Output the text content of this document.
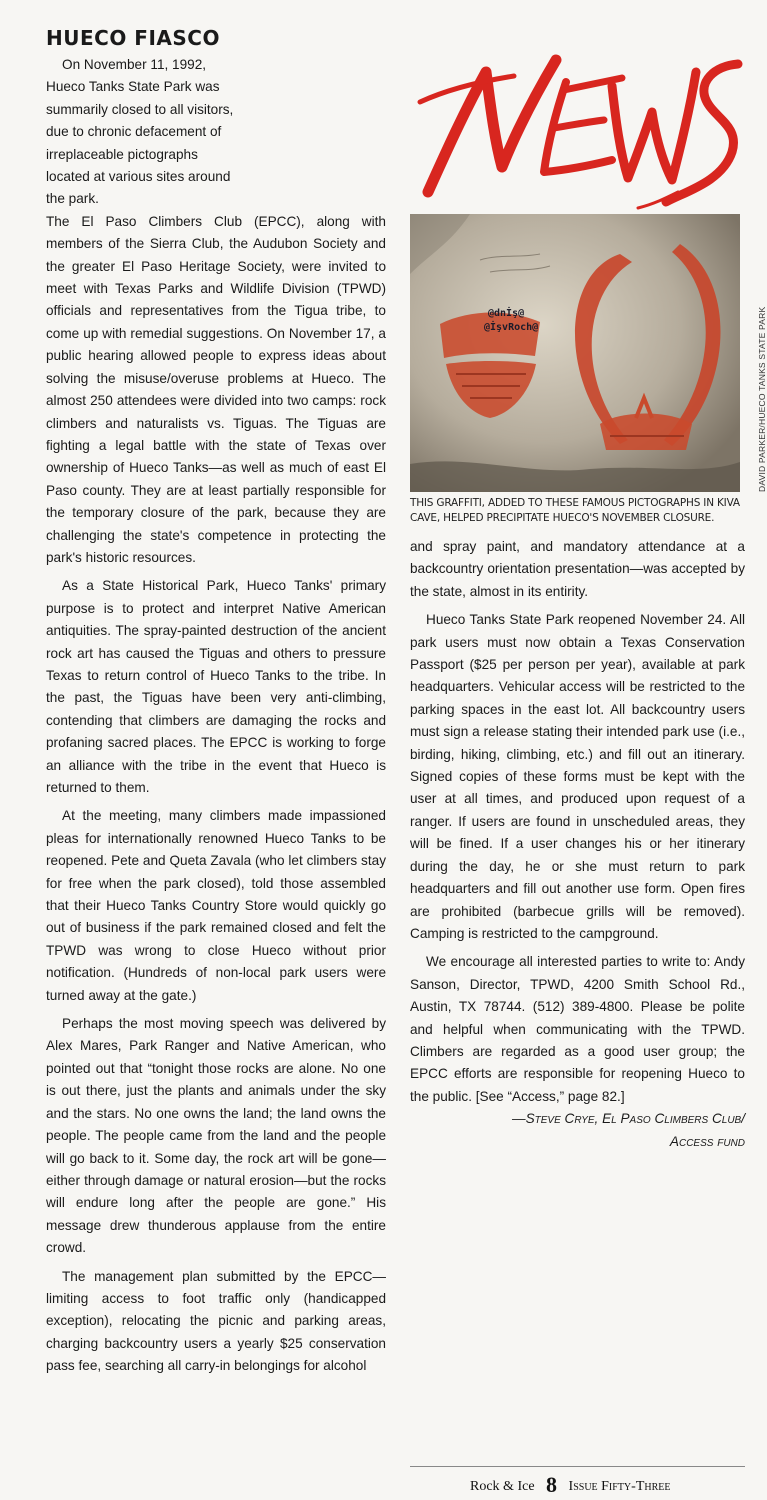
HUECO FIASCO

On November 11, 1992, Hueco Tanks State Park was summarily closed to all visitors, due to chronic defacement of irreplaceable pictographs located at various sites around the park.

The El Paso Climbers Club (EPCC), along with members of the Sierra Club, the Audubon Society and the greater El Paso Heritage Society, were invited to meet with Texas Parks and Wildlife Division (TPWD) officials and representatives from the Tigua tribe, to come up with remedial suggestions. On November 17, a public hearing allowed people to express ideas about solving the misuse/overuse problems at Hueco. The almost 250 attendees were divided into two camps: rock climbers and naturalists vs. Tiguas. The Tiguas are fighting a legal battle with the state of Texas over ownership of Hueco Tanks—as well as much of east El Paso county. They are at least partially responsible for the temporary closure of the park, because they are challenging the state's competence in protecting the park's historic resources.

As a State Historical Park, Hueco Tanks' primary purpose is to protect and interpret Native American antiquities. The spray-painted destruction of the ancient rock art has caused the Tiguas and others to pressure Texas to return control of Hueco Tanks to the tribe. In the past, the Tiguas have been very anti-climbing, contending that climbers are damaging the rocks and profaning sacred places. The EPCC is working to forge an alliance with the tribe in the event that Hueco is returned to them.

At the meeting, many climbers made impassioned pleas for internationally renowned Hueco Tanks to be reopened. Pete and Queta Zavala (who let climbers stay for free when the park closed), told those assembled that their Hueco Tanks Country Store would quickly go out of business if the park remained closed and felt the TPWD was wrong to close Hueco without prior notification. (Hundreds of non-local park users were turned away at the gate.)

Perhaps the most moving speech was delivered by Alex Mares, Park Ranger and Native American, who pointed out that “tonight those rocks are alone. No one is out there, just the plants and animals under the sky and the stars. No one owns the land; the land owns the people. The people came from the land and the people will go back to it. Some day, the rock art will be gone—either through damage or natural erosion—but the rocks will endure long after the people are gone.” His message drew thunderous applause from the entire crowd.

The management plan submitted by the EPCC—limiting access to foot traffic only (handicapped exception), relocating the picnic and parking areas, charging backcountry users a yearly $25 conservation pass fee, searching all carry-in belongings for alcohol

NEWS
@dnİş@
@İşvRoch@	DAVID PARKER/HUECO TANKS STATE PARK
THIS GRAFFITI, ADDED TO THESE FAMOUS PICTOGRAPHS IN KIVA CAVE, HELPED PRECIPITATE HUECO'S NOVEMBER CLOSURE.

and spray paint, and mandatory attendance at a backcountry orientation presentation—was accepted by the state, almost in its entirity.

Hueco Tanks State Park reopened November 24. All park users must now obtain a Texas Conservation Passport ($25 per person per year), available at park headquarters. Vehicular access will be restricted to the parking spaces in the east lot. All backcountry users must sign a release stating their intended park use (i.e., birding, hiking, climbing, etc.) and fill out an itinerary. Signed copies of these forms must be kept with the user at all times, and produced upon request of a ranger. If users are found in unscheduled areas, they will be fined. If a user changes his or her itinerary during the day, he or she must return to park headquarters and fill out another use form. Open fires are prohibited (barbecue grills will be removed). Camping is restricted to the campground.

We encourage all interested parties to write to: Andy Sanson, Director, TPWD, 4200 Smith School Rd., Austin, TX 78744. (512) 389-4800. Please be polite and helpful when communicating with the TPWD. Climbers are regarded as a good user group; the EPCC efforts are responsible for reopening Hueco to the public. [See “Access,” page 82.]

—Steve Crye, El Paso Climbers Club/

Access fund

Rock & Ice 8 Issue Fifty-Three
